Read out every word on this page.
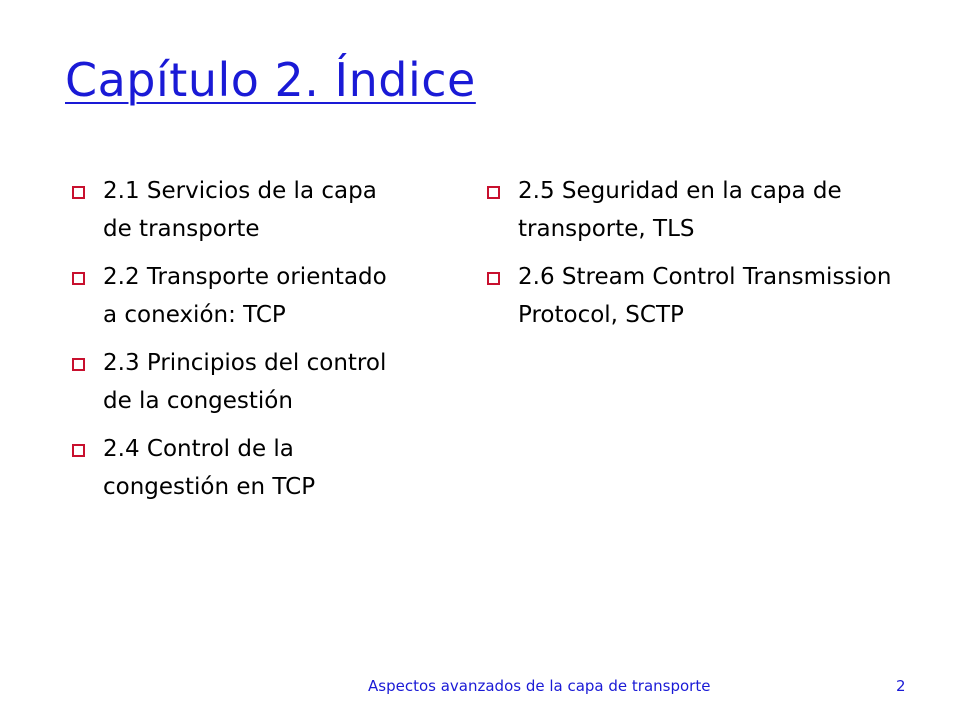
Capítulo 2. Índice
2.1 Servicios de la capa de transporte
2.2 Transporte orientado a conexión: TCP
2.3 Principios del control de la congestión
2.4 Control de la congestión en TCP
2.5 Seguridad en la capa de transporte, TLS
2.6 Stream Control Transmission Protocol, SCTP
Aspectos avanzados de la capa de transporte	2
